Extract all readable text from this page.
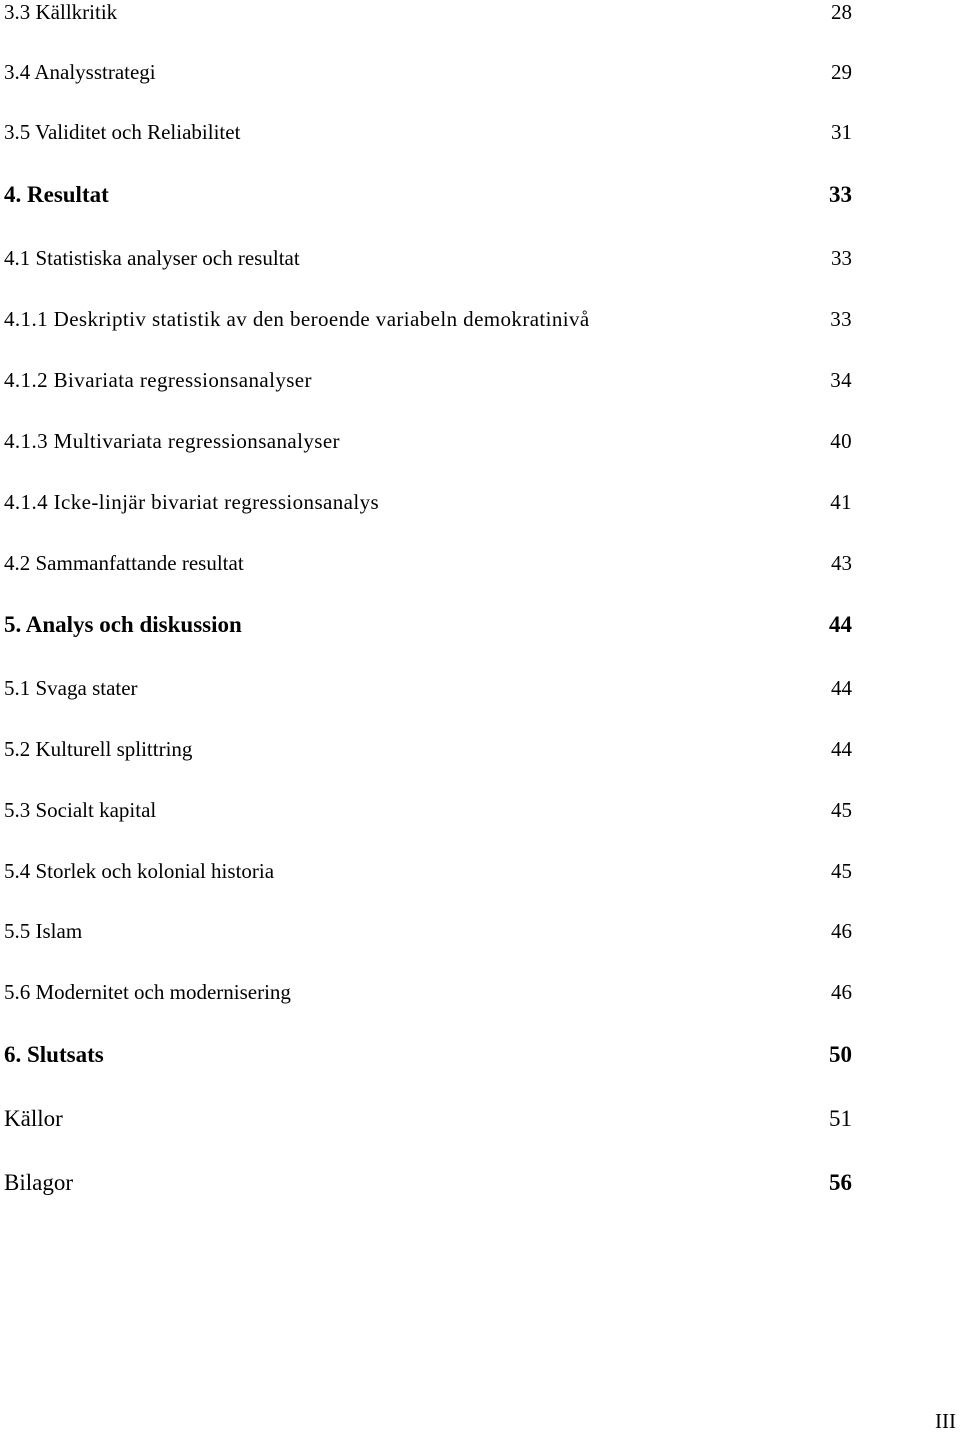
3.3 Källkritik	28
3.4 Analysstrategi	29
3.5 Validitet och Reliabilitet	31
4. Resultat	33
4.1 Statistiska analyser och resultat	33
4.1.1 Deskriptiv statistik av den beroende variabeln demokratinivå	33
4.1.2 Bivariata regressionsanalyser	34
4.1.3 Multivariata regressionsanalyser	40
4.1.4 Icke-linjär bivariat regressionsanalys	41
4.2 Sammanfattande resultat	43
5. Analys och diskussion	44
5.1 Svaga stater	44
5.2 Kulturell splittring	44
5.3 Socialt kapital	45
5.4 Storlek och kolonial historia	45
5.5 Islam	46
5.6 Modernitet och modernisering	46
6. Slutsats	50
Källor	51
Bilagor	56
III
